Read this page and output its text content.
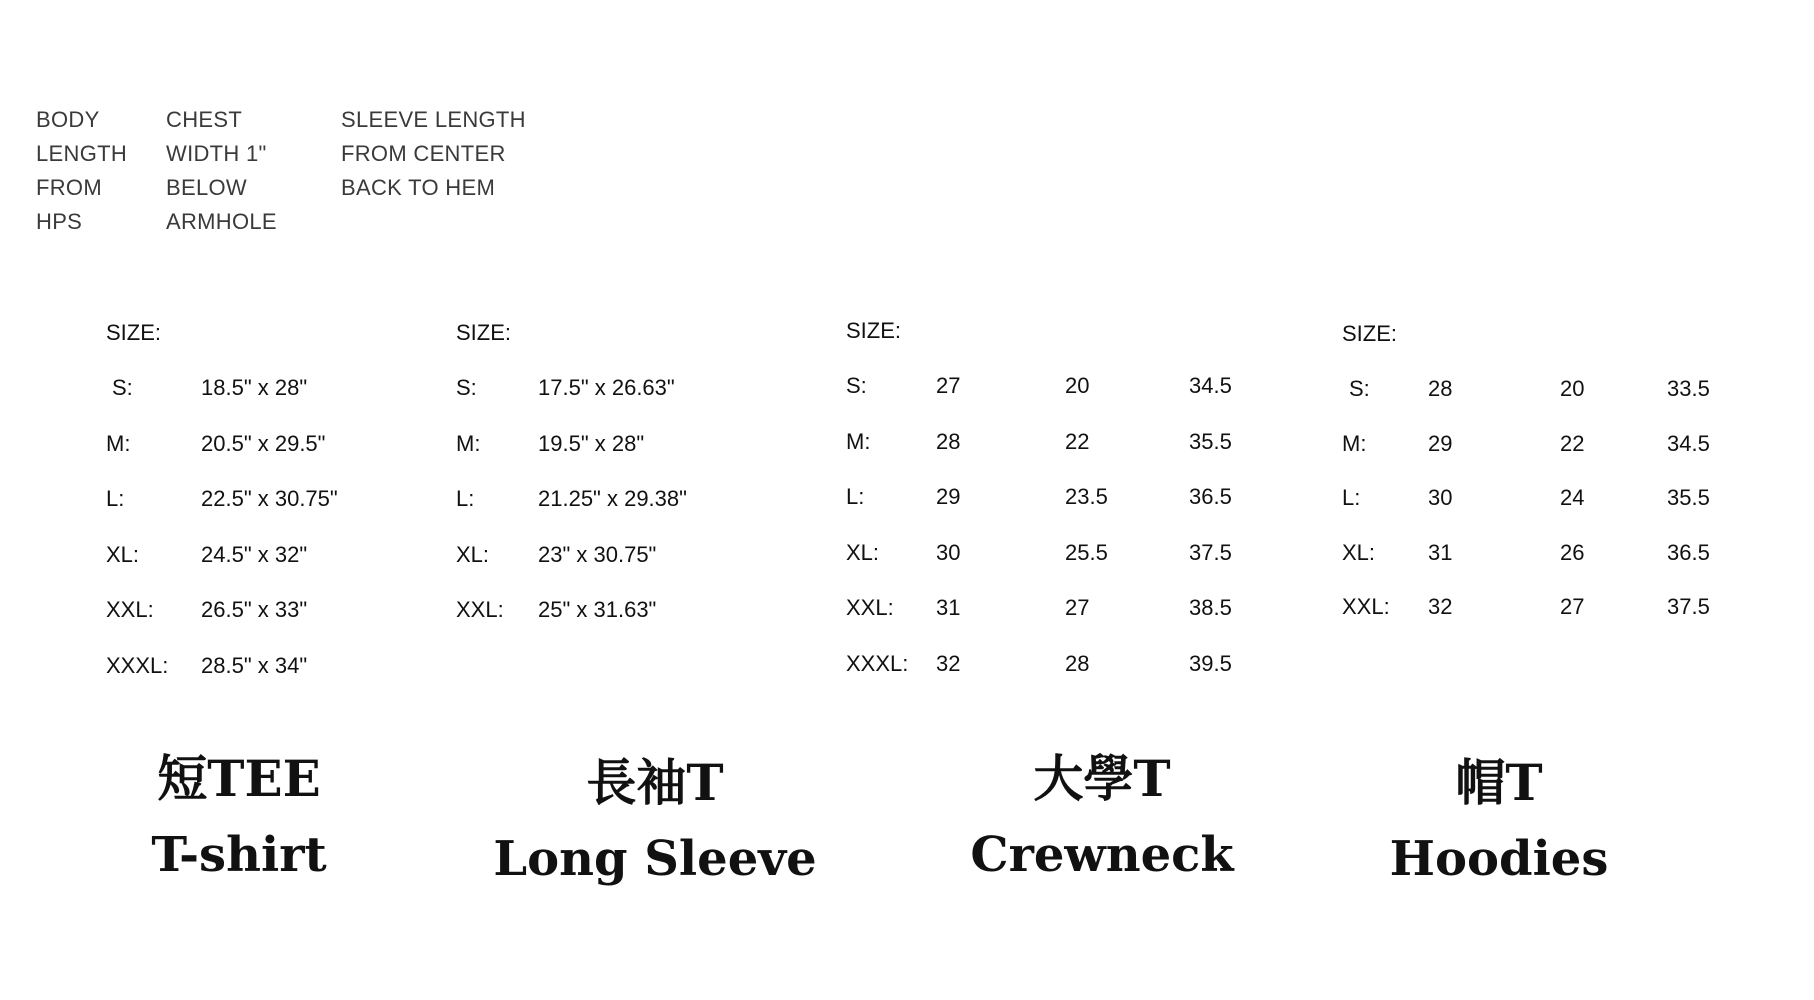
BODY
LENGTH
FROM
HPS
CHEST
WIDTH 1"
BELOW
ARMHOLE
SLEEVE LENGTH
FROM CENTER
BACK TO HEM
SIZE:
S:	18.5" x 28"
M:	20.5" x 29.5"
L:	22.5" x 30.75"
XL:	24.5" x 32"
XXL: 26.5" x 33"
XXXL: 28.5" x 34"
SIZE:
S:	17.5" x 26.63"
M:	19.5" x 28"
L:	21.25" x 29.38"
XL: 23" x 30.75"
XXL: 25" x 31.63"
SIZE:
S:	27	20	34.5
M:	28	22	35.5
L:	29	23.5	36.5
XL:	30	25.5	37.5
XXL: 31	27	38.5
XXXL: 32	28	39.5
SIZE:
S:	28	20	33.5
M:	29	22	34.5
L:	30	24	35.5
XL: 31	26	36.5
XXL: 32	27	37.5
短TEE
T-shirt
長袖T
Long Sleeve
大學T
Crewneck
帽T
Hoodies
